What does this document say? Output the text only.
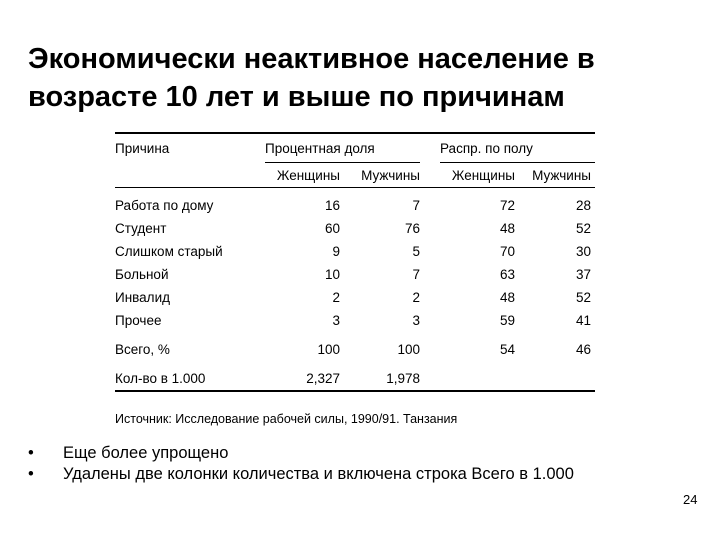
Экономически неактивное население в возрасте 10 лет и выше по причинам
Причина	Процентная доля			Распр. по полу	
	Женщины	Мужчины		Женщины	Мужчины

Работа по дому	16	7		72	28
Студент	60	76		48	52
Слишком старый	9	5		70	30
Больной	10	7		63	37
Инвалид	2	2		48	52
Прочее	3	3		59	41

Всего, %	100	100		54	46

Кол-во в 1.000	2,327	1,978			
Источник: Исследование рабочей силы, 1990/91. Танзания
• Еще более упрощено
• Удалены две колонки количества и включена строка Всего в 1.000
24
